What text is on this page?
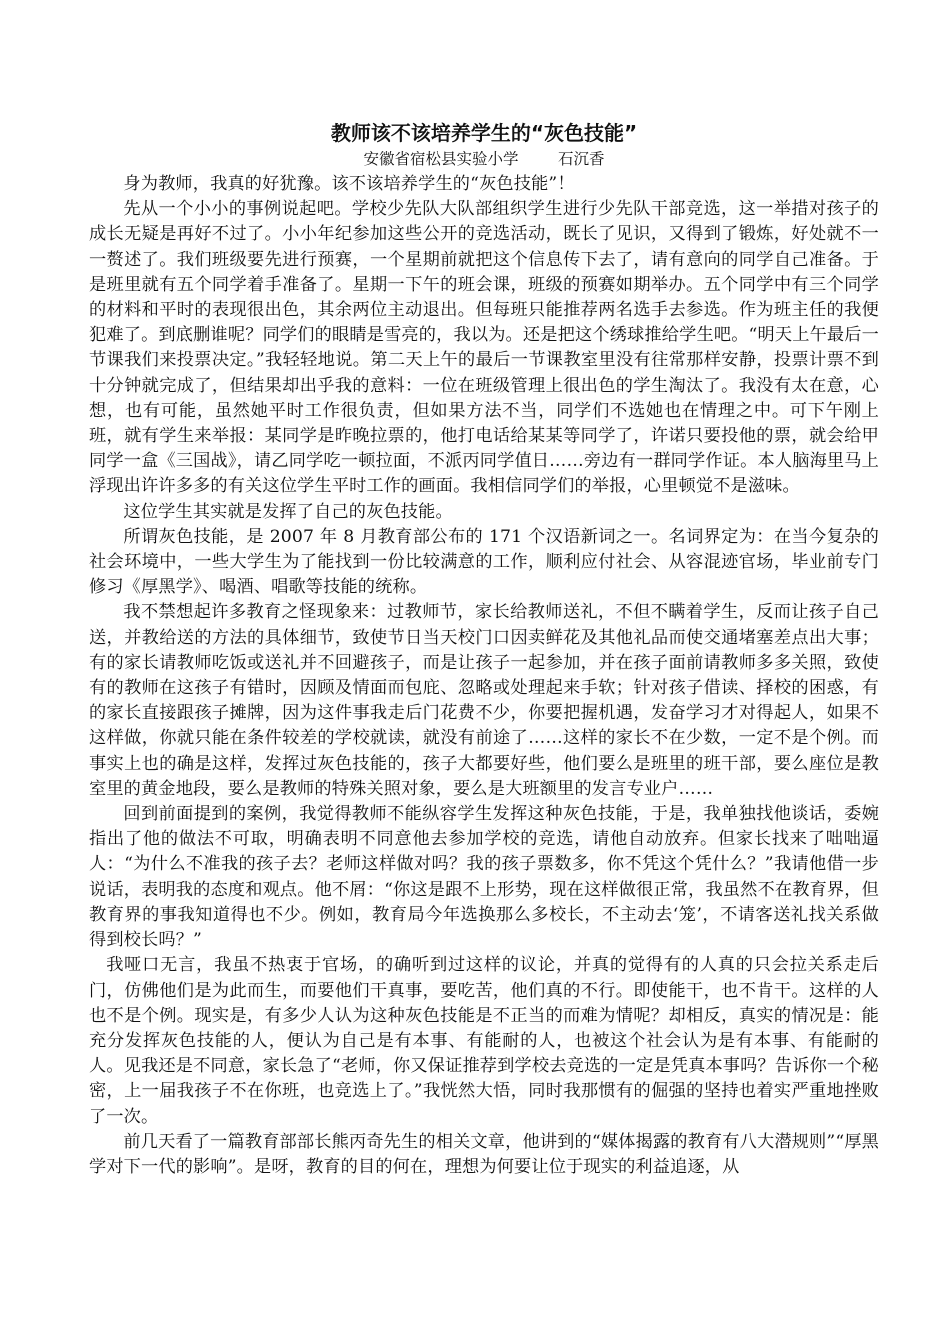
教师该不该培养学生的“灰色技能”

安徽省宿松县实验小学        石沉香

身为教师，我真的好犹豫。该不该培养学生的“灰色技能”！

先从一个小小的事例说起吧。学校少先队大队部组织学生进行少先队干部竞选，这一举措对孩子的成长无疑是再好不过了。小小年纪参加这些公开的竞选活动，既长了见识，又得到了锻炼，好处就不一一赘述了。我们班级要先进行预赛，一个星期前就把这个信息传下去了，请有意向的同学自己准备。于是班里就有五个同学着手准备了。星期一下午的班会课，班级的预赛如期举办。五个同学中有三个同学的材料和平时的表现很出色，其余两位主动退出。但每班只能推荐两名选手去参选。作为班主任的我便犯难了。到底删谁呢？同学们的眼睛是雪亮的，我以为。还是把这个绣球推给学生吧。“明天上午最后一节课我们来投票决定。”我轻轻地说。第二天上午的最后一节课教室里没有往常那样安静，投票计票不到十分钟就完成了，但结果却出乎我的意料：一位在班级管理上很出色的学生淘汰了。我没有太在意，心想，也有可能，虽然她平时工作很负责，但如果方法不当，同学们不选她也在情理之中。可下午刚上班，就有学生来举报：某同学是昨晚拉票的，他打电话给某某等同学了，许诺只要投他的票，就会给甲同学一盒《三国战》，请乙同学吃一顿拉面，不派丙同学值日……旁边有一群同学作证。本人脑海里马上浮现出许许多多的有关这位学生平时工作的画面。我相信同学们的举报，心里顿觉不是滋味。

这位学生其实就是发挥了自己的灰色技能。

所谓灰色技能，是 2007 年 8 月教育部公布的 171 个汉语新词之一。名词界定为：在当今复杂的社会环境中，一些大学生为了能找到一份比较满意的工作，顺利应付社会、从容混迹官场，毕业前专门修习《厚黑学》、喝酒、唱歌等技能的统称。

我不禁想起许多教育之怪现象来：过教师节，家长给教师送礼，不但不瞒着学生，反而让孩子自己送，并教给送的方法的具体细节，致使节日当天校门口因卖鲜花及其他礼品而使交通堵塞差点出大事；有的家长请教师吃饭或送礼并不回避孩子，而是让孩子一起参加，并在孩子面前请教师多多关照，致使有的教师在这孩子有错时，因顾及情面而包庇、忽略或处理起来手软；针对孩子借读、择校的困惑，有的家长直接跟孩子摊牌，因为这件事我走后门花费不少，你要把握机遇，发奋学习才对得起人，如果不这样做，你就只能在条件较差的学校就读，就没有前途了……这样的家长不在少数，一定不是个例。而事实上也的确是这样，发挥过灰色技能的，孩子大都要好些，他们要么是班里的班干部，要么座位是教室里的黄金地段，要么是教师的特殊关照对象，要么是大班额里的发言专业户……

回到前面提到的案例，我觉得教师不能纵容学生发挥这种灰色技能，于是，我单独找他谈话，委婉指出了他的做法不可取，明确表明不同意他去参加学校的竞选，请他自动放弃。但家长找来了咄咄逼人：“为什么不准我的孩子去？老师这样做对吗？我的孩子票数多，你不凭这个凭什么？”我请他借一步说话，表明我的态度和观点。他不屑：“你这是跟不上形势，现在这样做很正常，我虽然不在教育界，但教育界的事我知道得也不少。例如，教育局今年选换那么多校长，不主动去‘笼’，不请客送礼找关系做得到校长吗？”

我哑口无言，我虽不热衷于官场，的确听到过这样的议论，并真的觉得有的人真的只会拉关系走后门，仿佛他们是为此而生，而要他们干真事，要吃苦，他们真的不行。即使能干，也不肯干。这样的人也不是个例。现实是，有多少人认为这种灰色技能是不正当的而难为情呢？却相反，真实的情况是：能充分发挥灰色技能的人，便认为自己是有本事、有能耐的人，也被这个社会认为是有本事、有能耐的人。见我还是不同意，家长急了“老师，你又保证推荐到学校去竞选的一定是凭真本事吗？告诉你一个秘密，上一届我孩子不在你班，也竞选上了。”我恍然大悟，同时我那惯有的倔强的坚持也着实严重地挫败了一次。

前几天看了一篇教育部部长熊丙奇先生的相关文章，他讲到的“媒体揭露的教育有八大潜规则”“厚黑学对下一代的影响”。是呀，教育的目的何在，理想为何要让位于现实的利益追逐，从
